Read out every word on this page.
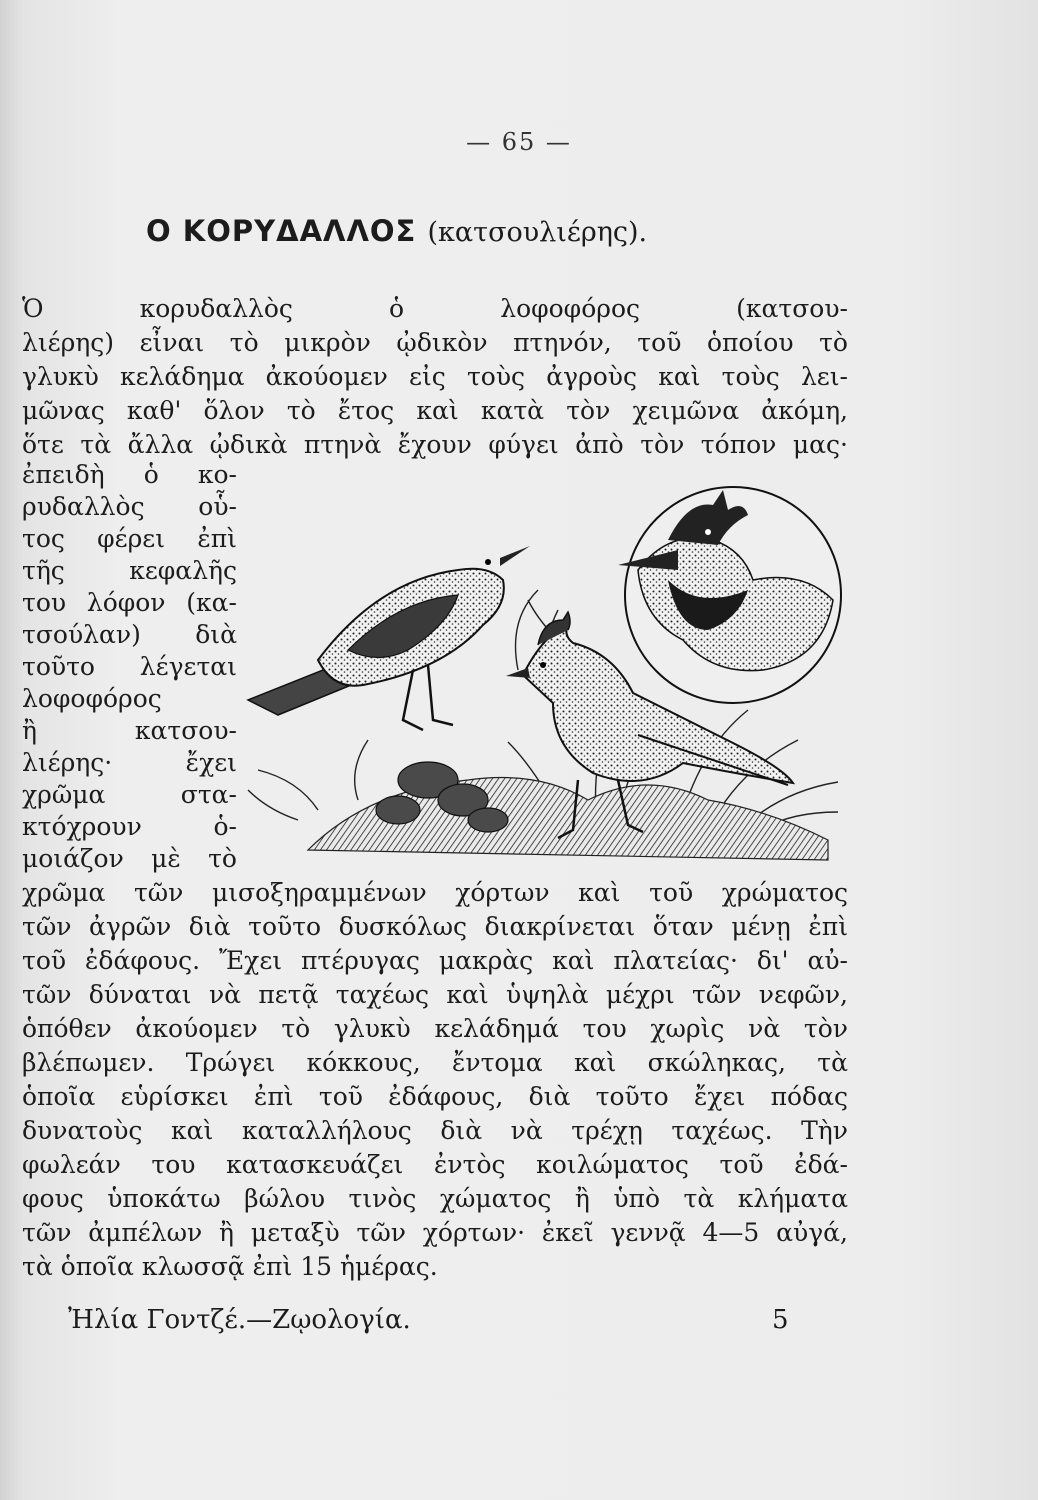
— 65 —
Ο ΚΟΡΥΔΑΛΛΟΣ (κατσουλιέρης).
Ὁ κορυδαλλὸς ὁ λοφοφόρος (κατσου-
λιέρης) εἶναι τὸ μικρὸν ᾠδικὸν πτηνόν, τοῦ ὁποίου τὸ
γλυκὺ κελάδημα ἀκούομεν εἰς τοὺς ἀγροὺς καὶ τοὺς λει-
μῶνας καθ' ὅλον τὸ ἔτος καὶ κατὰ τὸν χειμῶνα ἀκόμη,
ὅτε τὰ ἄλλα ᾠδικὰ πτηνὰ ἔχουν φύγει ἀπὸ τὸν τόπον μας·
ἐπειδὴ ὁ κο-
ρυδαλλὸς οὗ-
τος φέρει ἐπὶ
τῆς κεφαλῆς
του λόφον (κα-
τσούλαν) διὰ
τοῦτο λέγεται
λοφοφόρος
ἢ κατσου-
λιέρης· ἔχει
χρῶμα στα-
κτόχρουν ὁ-
μοιάζον μὲ τὸ
χρῶμα τῶν μισοξηραμμένων χόρτων καὶ τοῦ χρώματος
τῶν ἀγρῶν διὰ τοῦτο δυσκόλως διακρίνεται ὅταν μένῃ ἐπὶ
τοῦ ἐδάφους. Ἔχει πτέρυγας μακρὰς καὶ πλατείας· δι' αὐ-
τῶν δύναται νὰ πετᾷ ταχέως καὶ ὑψηλὰ μέχρι τῶν νεφῶν,
ὁπόθεν ἀκούομεν τὸ γλυκὺ κελάδημά του χωρὶς νὰ τὸν
βλέπωμεν. Τρώγει κόκκους, ἔντομα καὶ σκώληκας, τὰ
ὁποῖα εὑρίσκει ἐπὶ τοῦ ἐδάφους, διὰ τοῦτο ἔχει πόδας
δυνατοὺς καὶ καταλλήλους διὰ νὰ τρέχῃ ταχέως. Τὴν
φωλεάν του κατασκευάζει ἐντὸς κοιλώματος τοῦ ἐδά-
φους ὑποκάτω βώλου τινὸς χώματος ἢ ὑπὸ τὰ κλήματα
τῶν ἀμπέλων ἢ μεταξὺ τῶν χόρτων· ἐκεῖ γεννᾷ 4—5 αὐγά,
τὰ ὁποῖα κλωσσᾷ ἐπὶ 15 ἡμέρας.
Ἠλία Γοντζέ.—Ζῳολογία.	5
